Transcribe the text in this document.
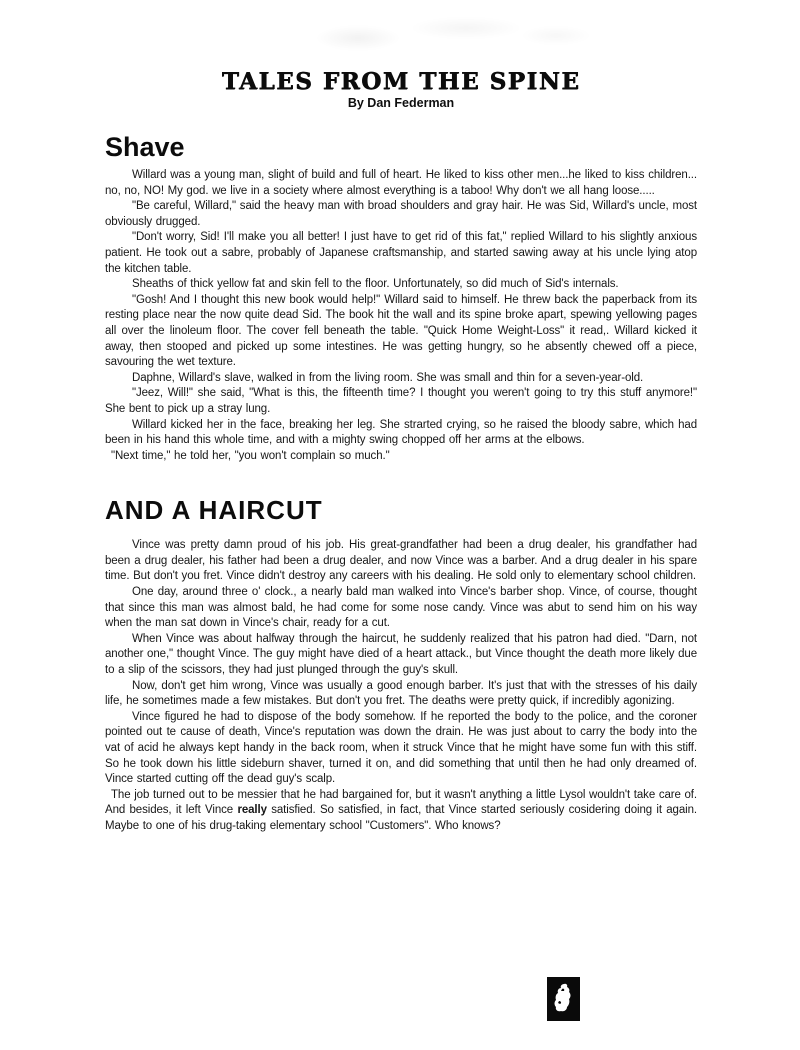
TALES FROM THE SPINE
By Dan Federman
Shave

Willard was a young man, slight of build and full of heart. He liked to kiss other men...he liked to kiss children... no, no, NO! My god. we live in a society where almost everything is a taboo! Why don't we all hang loose.....

"Be careful, Willard," said the heavy man with broad shoulders and gray hair. He was Sid, Willard's uncle, most obviously drugged.

"Don't worry, Sid! I'll make you all better! I just have to get rid of this fat," replied Willard to his slightly anxious patient. He took out a sabre, probably of Japanese craftsmanship, and started sawing away at his uncle lying atop the kitchen table.

Sheaths of thick yellow fat and skin fell to the floor. Unfortunately, so did much of Sid's internals.

"Gosh! And I thought this new book would help!" Willard said to himself. He threw back the paperback from its resting place near the now quite dead Sid. The book hit the wall and its spine broke apart, spewing yellowing pages all over the linoleum floor. The cover fell beneath the table. "Quick Home Weight-Loss" it read,. Willard kicked it away, then stooped and picked up some intestines. He was getting hungry, so he absently chewed off a piece, savouring the wet texture.

Daphne, Willard's slave, walked in from the living room. She was small and thin for a seven-year-old.

"Jeez, Will!" she said, "What is this, the fifteenth time? I thought you weren't going to try this stuff anymore!" She bent to pick up a stray lung.

Willard kicked her in the face, breaking her leg. She strarted crying, so he raised the bloody sabre, which had been in his hand this whole time, and with a mighty swing chopped off her arms at the elbows.

"Next time," he told her, "you won't complain so much."

AND A HAIRCUT

Vince was pretty damn proud of his job. His great-grandfather had been a drug dealer, his grandfather had been a drug dealer, his father had been a drug dealer, and now Vince was a barber. And a drug dealer in his spare time. But don't you fret. Vince didn't destroy any careers with his dealing. He sold only to elementary school children.

One day, around three o' clock., a nearly bald man walked into Vince's barber shop. Vince, of course, thought that since this man was almost bald, he had come for some nose candy. Vince was abut to send him on his way when the man sat down in Vince's chair, ready for a cut.

When Vince was about halfway through the haircut, he suddenly realized that his patron had died. "Darn, not another one," thought Vince. The guy might have died of a heart attack., but Vince thought the death more likely due to a slip of the scissors, they had just plunged through the guy's skull.

Now, don't get him wrong, Vince was usually a good enough barber. It's just that with the stresses of his daily life, he sometimes made a few mistakes. But don't you fret. The deaths were pretty quick, if incredibly agonizing.

Vince figured he had to dispose of the body somehow. If he reported the body to the police, and the coroner pointed out te cause of death, Vince's reputation was down the drain. He was just about to carry the body into the vat of acid he always kept handy in the back room, when it struck Vince that he might have some fun with this stiff. So he took down his little sideburn shaver, turned it on, and did something that until then he had only dreamed of. Vince started cutting off the dead guy's scalp.

The job turned out to be messier that he had bargained for, but it wasn't anything a little Lysol wouldn't take care of. And besides, it left Vince really satisfied. So satisfied, in fact, that Vince started seriously cosidering doing it again. Maybe to one of his drug-taking elementary school "Customers". Who knows?
